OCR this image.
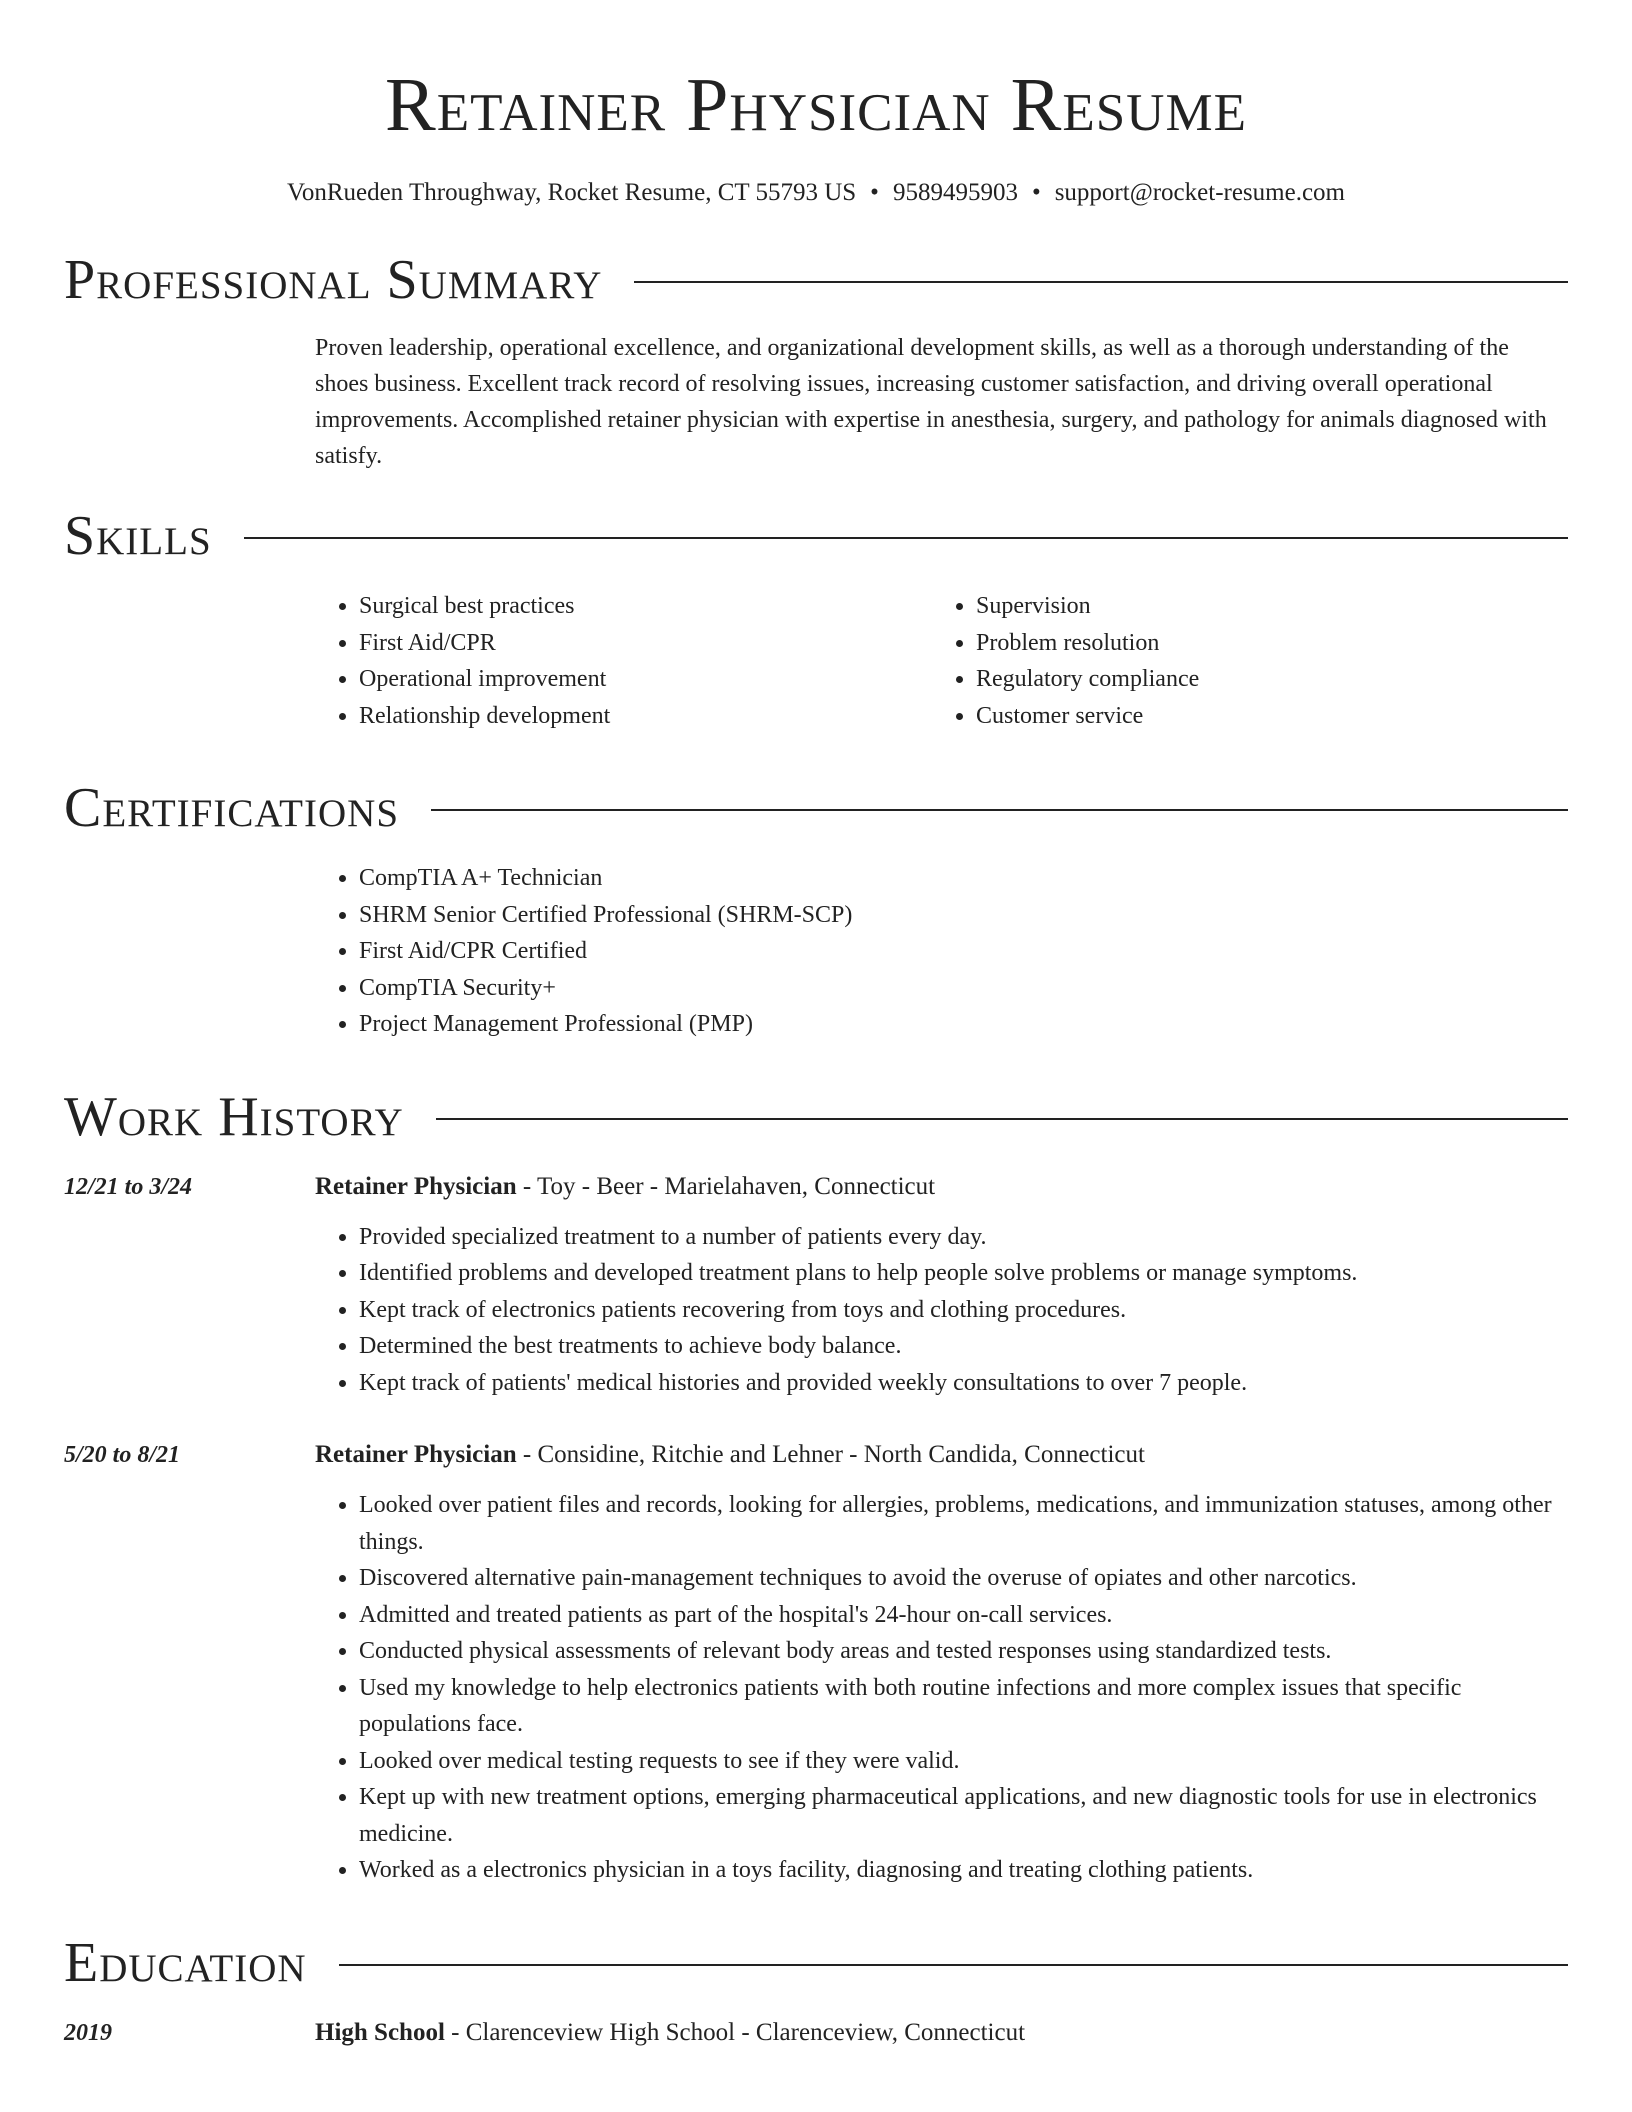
Retainer Physician Resume
VonRueden Throughway, Rocket Resume, CT 55793 US • 9589495903 • support@rocket-resume.com
Professional Summary
Proven leadership, operational excellence, and organizational development skills, as well as a thorough understanding of the shoes business. Excellent track record of resolving issues, increasing customer satisfaction, and driving overall operational improvements. Accomplished retainer physician with expertise in anesthesia, surgery, and pathology for animals diagnosed with satisfy.
Skills
• Surgical best practices
• First Aid/CPR
• Operational improvement
• Relationship development
• Supervision
• Problem resolution
• Regulatory compliance
• Customer service
Certifications
• CompTIA A+ Technician
• SHRM Senior Certified Professional (SHRM-SCP)
• First Aid/CPR Certified
• CompTIA Security+
• Project Management Professional (PMP)
Work History
12/21 to 3/24	Retainer Physician - Toy - Beer - Marielahaven, Connecticut
• Provided specialized treatment to a number of patients every day.
• Identified problems and developed treatment plans to help people solve problems or manage symptoms.
• Kept track of electronics patients recovering from toys and clothing procedures.
• Determined the best treatments to achieve body balance.
• Kept track of patients' medical histories and provided weekly consultations to over 7 people.
5/20 to 8/21	Retainer Physician - Considine, Ritchie and Lehner - North Candida, Connecticut
• Looked over patient files and records, looking for allergies, problems, medications, and immunization statuses, among other things.
• Discovered alternative pain-management techniques to avoid the overuse of opiates and other narcotics.
• Admitted and treated patients as part of the hospital's 24-hour on-call services.
• Conducted physical assessments of relevant body areas and tested responses using standardized tests.
• Used my knowledge to help electronics patients with both routine infections and more complex issues that specific populations face.
• Looked over medical testing requests to see if they were valid.
• Kept up with new treatment options, emerging pharmaceutical applications, and new diagnostic tools for use in electronics medicine.
• Worked as a electronics physician in a toys facility, diagnosing and treating clothing patients.
Education
2019	High School - Clarenceview High School - Clarenceview, Connecticut
